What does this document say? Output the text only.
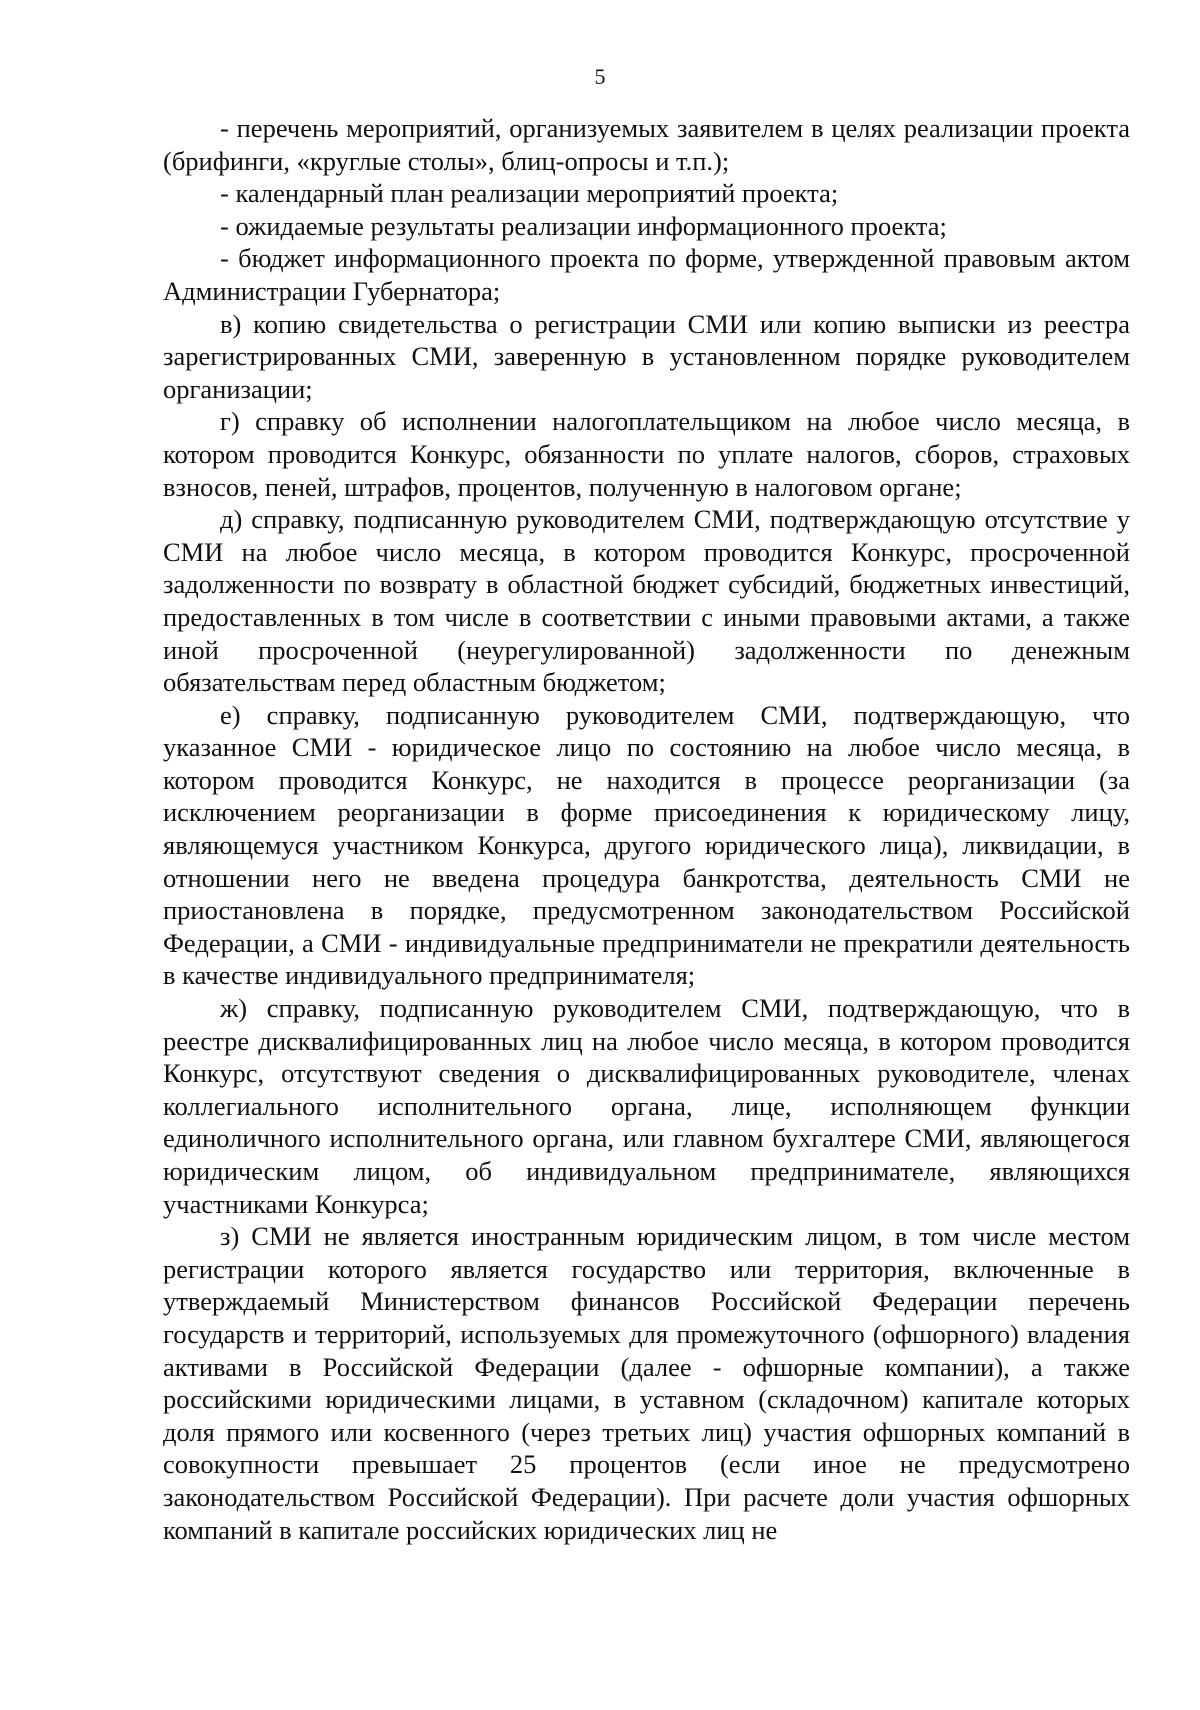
5

- перечень мероприятий, организуемых заявителем в целях реализации проекта (брифинги, «круглые столы», блиц-опросы и т.п.);

- календарный план реализации мероприятий проекта;

- ожидаемые результаты реализации информационного проекта;

- бюджет информационного проекта по форме, утвержденной правовым актом Администрации Губернатора;

в) копию свидетельства о регистрации СМИ или копию выписки из реестра зарегистрированных СМИ, заверенную в установленном порядке руководителем организации;

г) справку об исполнении налогоплательщиком на любое число месяца, в котором проводится Конкурс, обязанности по уплате налогов, сборов, страховых взносов, пеней, штрафов, процентов, полученную в налоговом органе;

д) справку, подписанную руководителем СМИ, подтверждающую отсутствие у СМИ на любое число месяца, в котором проводится Конкурс, просроченной задолженности по возврату в областной бюджет субсидий, бюджетных инвестиций, предоставленных в том числе в соответствии с иными правовыми актами, а также иной просроченной (неурегулированной) задолженности по денежным обязательствам перед областным бюджетом;

е) справку, подписанную руководителем СМИ, подтверждающую, что указанное СМИ - юридическое лицо по состоянию на любое число месяца, в котором проводится Конкурс, не находится в процессе реорганизации (за исключением реорганизации в форме присоединения к юридическому лицу, являющемуся участником Конкурса, другого юридического лица), ликвидации, в отношении него не введена процедура банкротства, деятельность СМИ не приостановлена в порядке, предусмотренном законодательством Российской Федерации, а СМИ - индивидуальные предприниматели не прекратили деятельность в качестве индивидуального предпринимателя;

ж) справку, подписанную руководителем СМИ, подтверждающую, что в реестре дисквалифицированных лиц на любое число месяца, в котором проводится Конкурс, отсутствуют сведения о дисквалифицированных руководителе, членах коллегиального исполнительного органа, лице, исполняющем функции единоличного исполнительного органа, или главном бухгалтере СМИ, являющегося юридическим лицом, об индивидуальном предпринимателе, являющихся участниками Конкурса;

з) СМИ не является иностранным юридическим лицом, в том числе местом регистрации которого является государство или территория, включенные в утверждаемый Министерством финансов Российской Федерации перечень государств и территорий, используемых для промежуточного (офшорного) владения активами в Российской Федерации (далее - офшорные компании), а также российскими юридическими лицами, в уставном (складочном) капитале которых доля прямого или косвенного (через третьих лиц) участия офшорных компаний в совокупности превышает 25 процентов (если иное не предусмотрено законодательством Российской Федерации). При расчете доли участия офшорных компаний в капитале российских юридических лиц не
